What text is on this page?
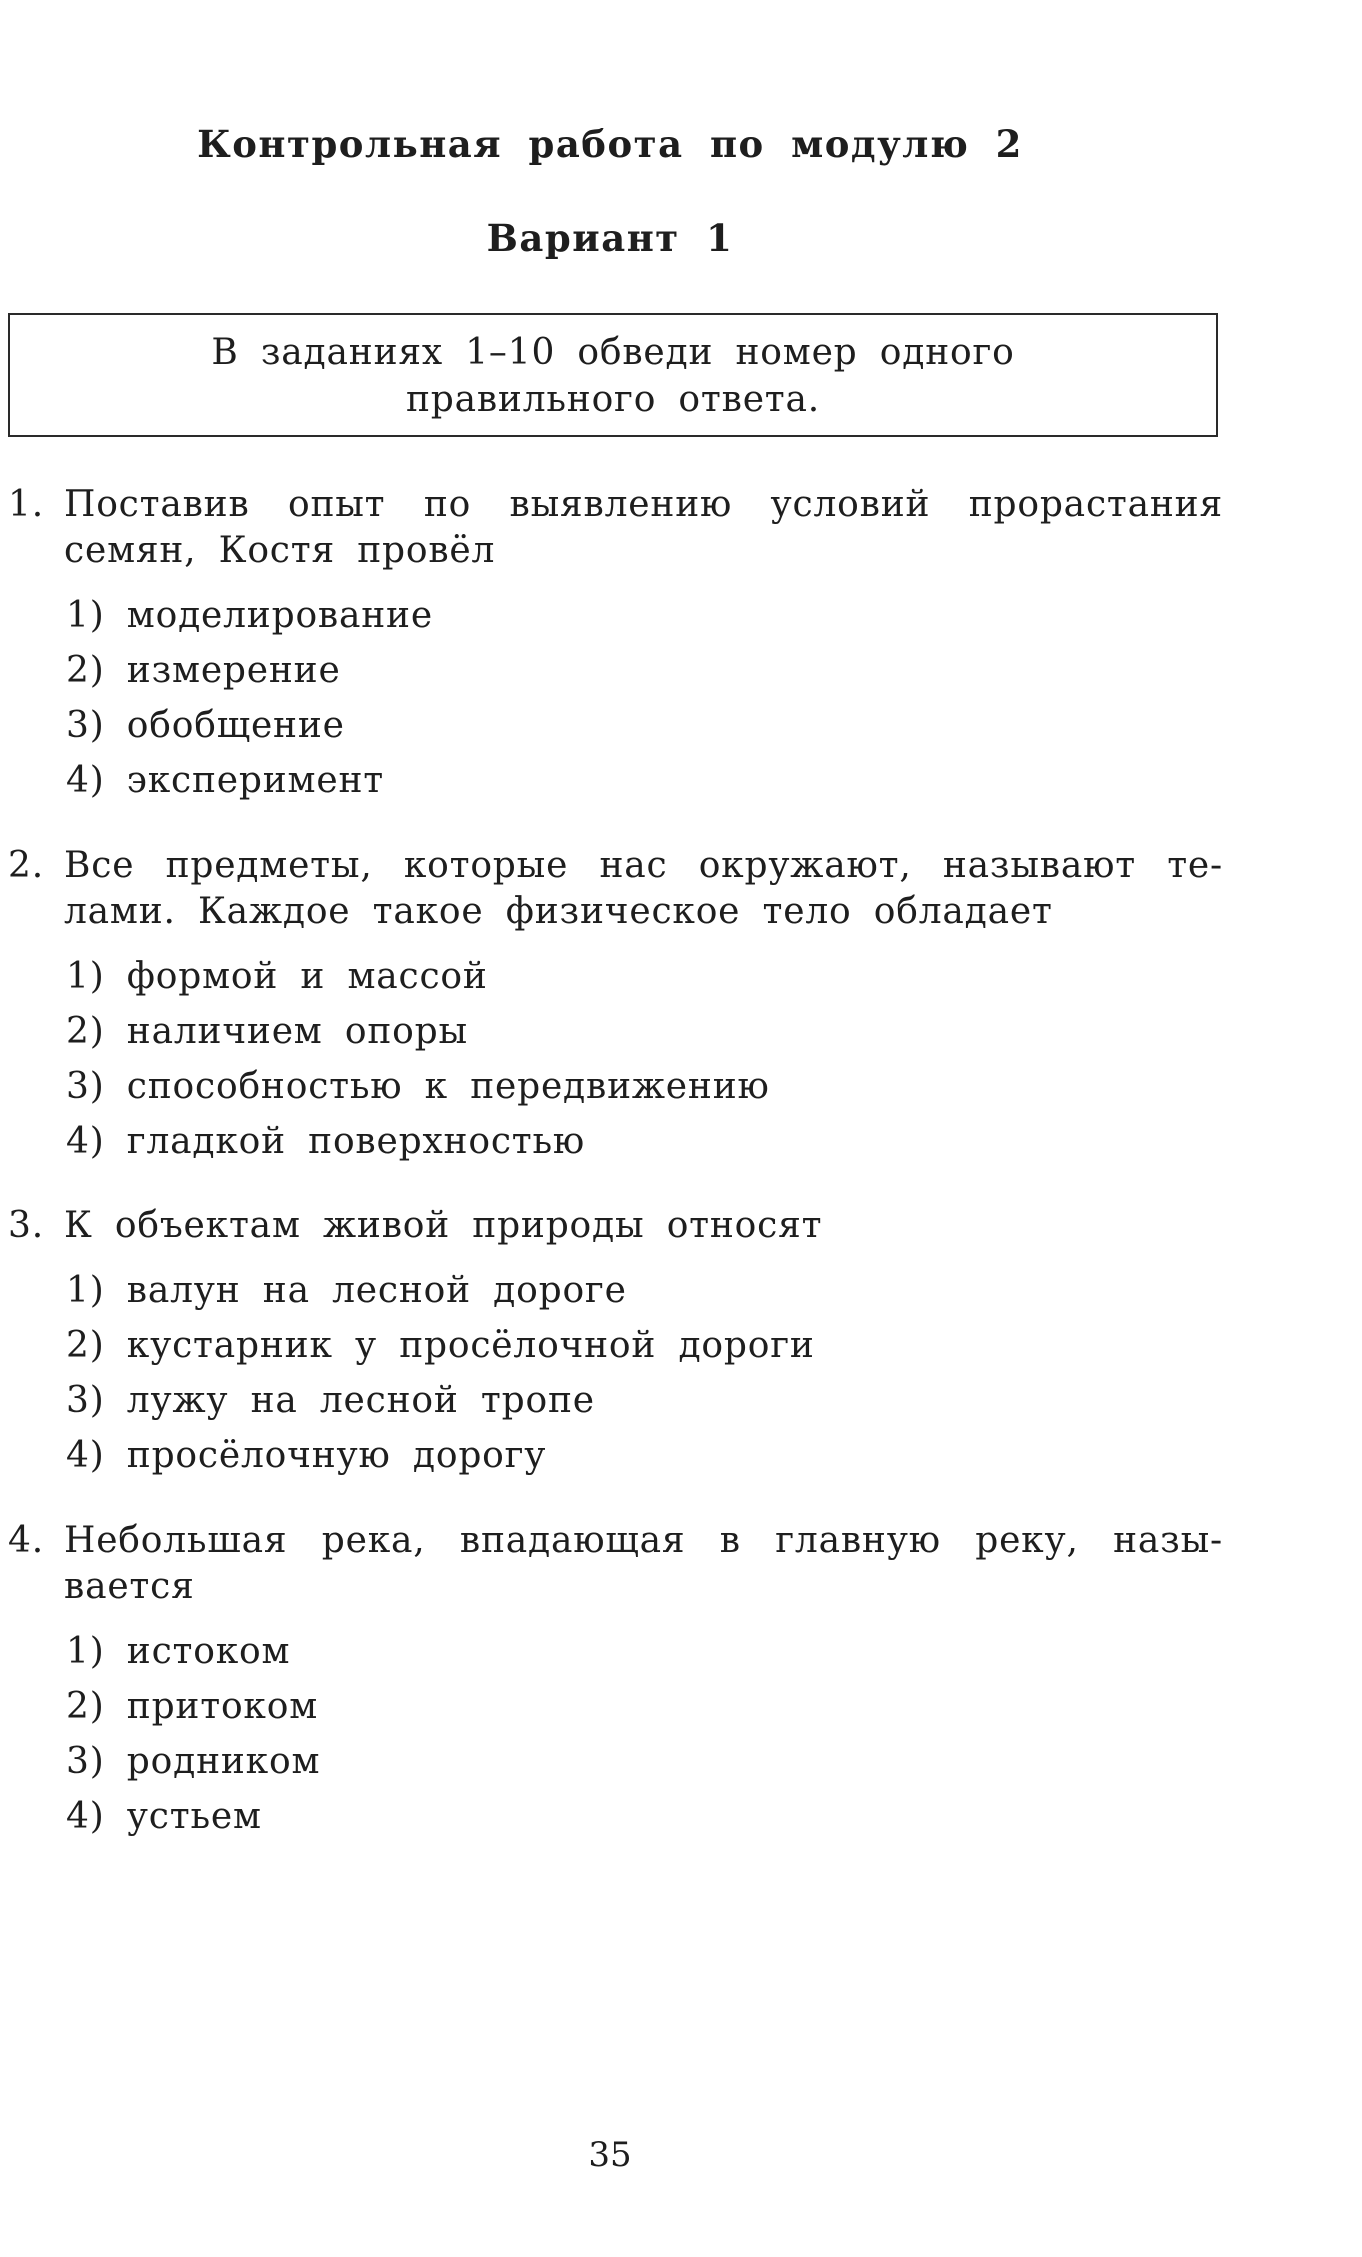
Контрольная работа по модулю 2
Вариант 1
В заданиях 1–10 обведи номер одного
правильного ответа.
1. Поставив опыт по выявлению условий прорастания
семян, Костя провёл
1) моделирование
2) измерение
3) обобщение
4) эксперимент
2. Все предметы, которые нас окружают, называют те-
лами. Каждое такое физическое тело обладает
1) формой и массой
2) наличием опоры
3) способностью к передвижению
4) гладкой поверхностью
3. К объектам живой природы относят
1) валун на лесной дороге
2) кустарник у просёлочной дороги
3) лужу на лесной тропе
4) просёлочную дорогу
4. Небольшая река, впадающая в главную реку, назы-
вается
1) истоком
2) притоком
3) родником
4) устьем
35
